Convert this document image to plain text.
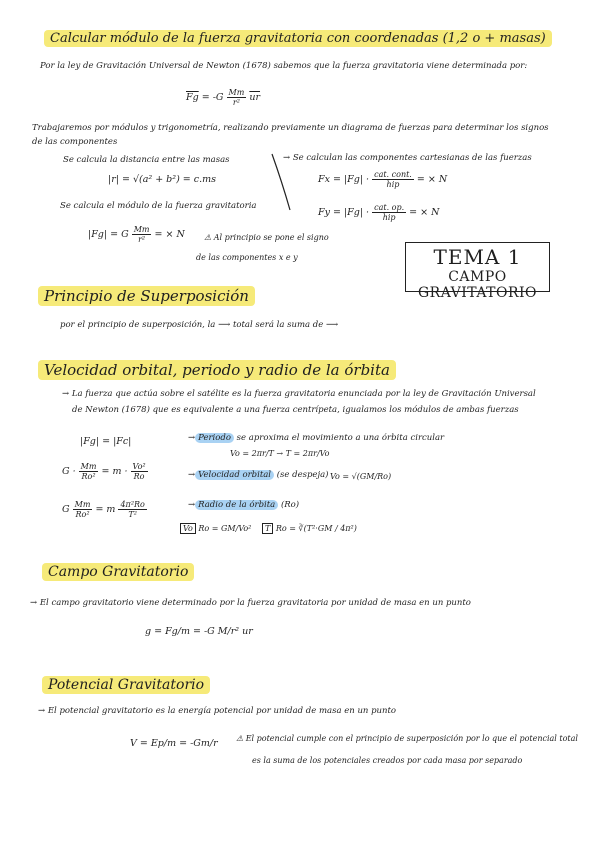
Calcular módulo de la fuerza gravitatoria con coordenadas (1,2 o + masas)
Por la ley de Gravitación Universal de Newton (1678) sabemos que la fuerza gravitatoria viene determinada por:
$\overline{Fg} = -G \frac{Mm}{\text{r²}} \overline{ur}$
Trabajaremos por módulos y trigonometría, realizando previamente un diagrama de fuerzas para determinar los signos de las componentes
Se calcula la distancia entre las masas
|r| = √(a² + b²) = c.ms
Se calcula el módulo de la fuerza gravitatoria
|Fg| = G $\frac{Mm}{\text{r²}}$ = × N
→ Se calculan las componentes cartesianas de las fuerzas
$Fx = |Fg| \cdot \frac{\text{cat. cont.}}{\text{hip}}$ = × N
$Fy = |Fg| \cdot \frac{\text{cat. op.}}{\text{hip}}$ = × N
⚠ Al principio se pone el signo
de las componentes x e y	TEMA 1
CAMPO GRAVITATORIO
Principio de Superposición
por el principio de superposición, la ⟶ total será la suma de ⟶
Velocidad orbital, periodo y radio de la órbita
→ La fuerza que actúa sobre el satélite es la fuerza gravitatoria enunciada por la ley de Gravitación Universal
de Newton (1678) que es equivalente a una fuerza centrípeta, igualamos los módulos de ambas fuerzas
|Fg| = |Fc|
$G \cdot \frac{Mm}{\text{Ro²}} = m \cdot \frac{\text{Vo²}}{Ro}$
G $\frac{Mm}{\text{Ro²}} = m \frac{\text{4π²Ro}}{\text{T²}}$
→ Periodo se aproxima el movimiento a una órbita circular
Vo = 2πr/T → T = 2πr/Vo
→ Velocidad orbital (se despeja) Vo = √(GM/Ro)
→ Radio de la órbita (Ro)
Vo Ro = GM/Vo²	T Ro = ∛(T²·GM / 4π²)
Campo Gravitatorio
→ El campo gravitatorio viene determinado por la fuerza gravitatoria por unidad de masa en un punto
g = Fg/m = -G M/r² ur
Potencial Gravitatorio
→ El potencial gravitatorio es la energía potencial por unidad de masa en un punto
V = Ep/m = -Gm/r ⚠ El potencial cumple con el principio de superposición por lo que el potencial total
es la suma de los potenciales creados por cada masa por separado
